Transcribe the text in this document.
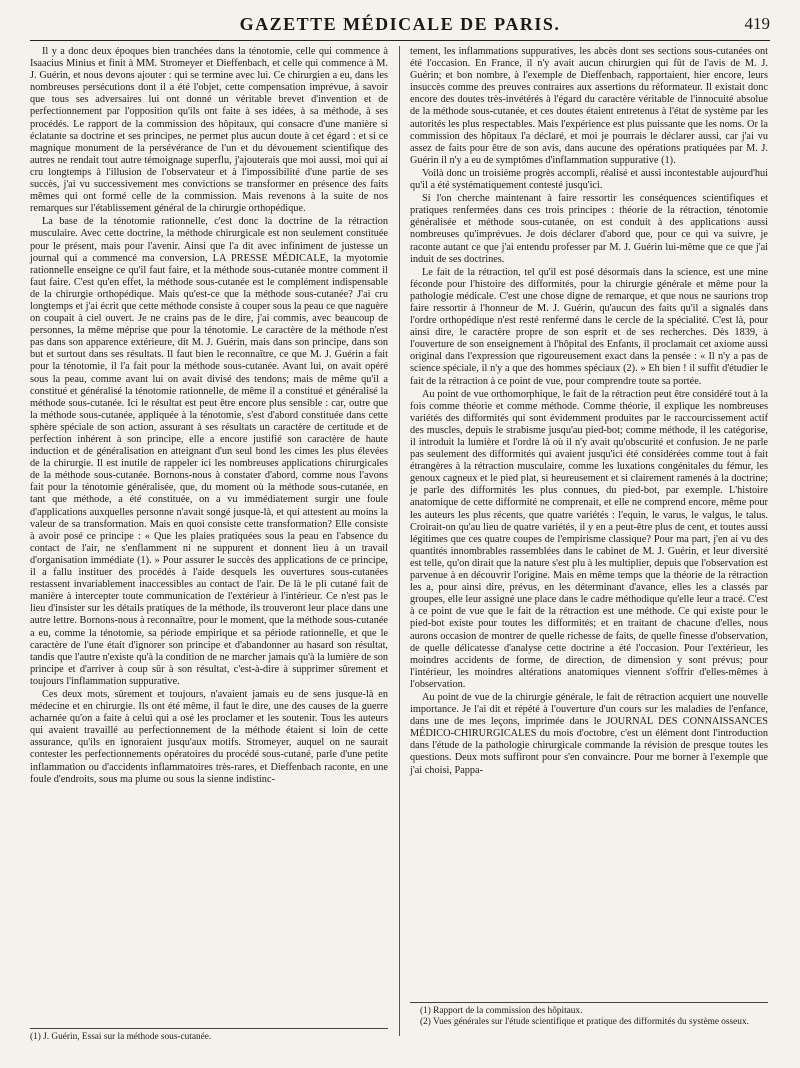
GAZETTE MÉDICALE DE PARIS.	419

Il y a donc deux époques bien tranchées dans la ténotomie, celle qui commence à Isaacius Minius et finit à MM. Stromeyer et Dieffenbach, et celle qui commence à M. J. Guérin, et nous devons ajouter : qui se termine avec lui. Ce chirurgien a eu, dans les nombreuses persécutions dont il a été l'objet, cette compensation imprévue, à savoir que tous ses adversaires lui ont donné un véritable brevet d'invention et de perfectionnement par l'opposition qu'ils ont faite à ses idées, à sa méthode, à ses procédés. Le rapport de la commission des hôpitaux, qui consacre d'une manière si éclatante sa doctrine et ses principes, ne permet plus aucun doute à cet égard : et si ce magnique monument de la persévérance de l'un et du dévouement scientifique des autres ne rendait tout autre témoignage superflu, j'ajouterais que moi aussi, moi qui ai cru longtemps à l'illusion de l'observateur et à l'impossibilité d'une partie de ses succès, j'ai vu successivement mes convictions se transformer en présence des faits mêmes qui ont formé celle de la commission. Mais revenons à la suite de nos remarques sur l'établissement général de la chirurgie orthopédique.

La base de la ténotomie rationnelle, c'est donc la doctrine de la rétraction musculaire. Avec cette doctrine, la méthode chirurgicale est non seulement constituée pour le présent, mais pour l'avenir. Ainsi que l'a dit avec infiniment de justesse un journal qui a commencé ma conversion, LA PRESSE MÉDICALE, la myotomie rationnelle enseigne ce qu'il faut faire, et la méthode sous-cutanée montre comment il faut faire. C'est qu'en effet, la méthode sous-cutanée est le complément indispensable de la chirurgie orthopédique. Mais qu'est-ce que la méthode sous-cutanée? J'ai cru longtemps et j'ai écrit que cette méthode consiste à couper sous la peau ce que naguère on coupait à ciel ouvert. Je ne crains pas de le dire, j'ai commis, avec beaucoup de personnes, la même méprise que pour la ténotomie. Le caractère de la méthode n'est pas dans son apparence extérieure, dit M. J. Guérin, mais dans son principe, dans son but et surtout dans ses résultats. Il faut bien le reconnaître, ce que M. J. Guérin a fait pour la ténotomie, il l'a fait pour la méthode sous-cutanée. Avant lui, on avait opéré sous la peau, comme avant lui on avait divisé des tendons; mais de même qu'il a constitué et généralisé la ténotomie rationnelle, de même il a constitué et généralisé la méthode sous-cutanée. Ici le résultat est peut être encore plus sensible : car, outre que la méthode sous-cutanée, appliquée à la ténotomie, s'est d'abord constituée dans cette sphère spéciale de son action, assurant à ses résultats un caractère de certitude et de perfection inhérent à son principe, elle a encore justifié son caractère de haute induction et de généralisation en atteignant d'un seul bond les cimes les plus élevées de la chirurgie. Il est inutile de rappeler ici les nombreuses applications chirurgicales de la méthode sous-cutanée. Bornons-nous à constater d'abord, comme nous l'avons fait pour la ténotomie généralisée, que, du moment où la méthode sous-cutanée, en tant que méthode, a été constituée, on a vu immédiatement surgir une foule d'applications auxquelles personne n'avait songé jusque-là, et qui attestent au moins la valeur de sa transformation. Mais en quoi consiste cette transformation? Elle consiste à avoir posé ce principe : « Que les plaies pratiquées sous la peau en l'absence du contact de l'air, ne s'enflamment ni ne suppurent et donnent lieu à un travail d'organisation immédiate (1). » Pour assurer le succès des applications de ce principe, il a fallu instituer des procédés à l'aide desquels les ouvertures sous-cutanées restassent invariablement inaccessibles au contact de l'air. De là le pli cutané fait de manière à intercepter toute communication de l'extérieur à l'intérieur. Ce n'est pas le lieu d'insister sur les détails pratiques de la méthode, ils trouveront leur place dans une autre lettre. Bornons-nous à reconnaître, pour le moment, que la méthode sous-cutanée a eu, comme la ténotomie, sa période empirique et sa période rationnelle, et que le caractère de l'une était d'ignorer son principe et d'abandonner au hasard son résultat, tandis que l'autre n'existe qu'à la condition de ne marcher jamais qu'à la lumière de son principe et d'arriver à coup sûr à son résultat, c'est-à-dire à supprimer sûrement et toujours l'inflammation suppurative.

Ces deux mots, sûrement et toujours, n'avaient jamais eu de sens jusque-là en médecine et en chirurgie. Ils ont été même, il faut le dire, une des causes de la guerre acharnée qu'on a faite à celui qui a osé les proclamer et les soutenir. Tous les auteurs qui avaient travaillé au perfectionnement de la méthode étaient si loin de cette assurance, qu'ils en ignoraient jusqu'aux motifs. Stromeyer, auquel on ne saurait contester les perfectionnements opératoires du procédé sous-cutané, parle d'une petite inflammation ou d'accidents inflammatoires très-rares, et Dieffenbach raconte, en une foule d'endroits, sous ma plume ou sous la sienne indistinc-

tement, les inflammations suppuratives, les abcès dont ses sections sous-cutanées ont été l'occasion. En France, il n'y avait aucun chirurgien qui fût de l'avis de M. J. Guérin; et bon nombre, à l'exemple de Dieffenbach, rapportaient, hier encore, leurs insuccès comme des preuves contraires aux assertions du réformateur. Il existait donc encore des doutes très-invétérés à l'égard du caractère véritable de l'innocuité absolue de la méthode sous-cutanée, et ces doutes étaient entretenus à l'état de système par les autorités les plus respectables. Mais l'expérience est plus puissante que les noms. Or la commission des hôpitaux l'a déclaré, et moi je pourrais le déclarer aussi, car j'ai vu assez de faits pour être de son avis, dans aucune des opérations pratiquées par M. J. Guérin il n'y a eu de symptômes d'inflammation suppurative (1).

Voilà donc un troisième progrès accompli, réalisé et aussi incontestable aujourd'hui qu'il a été systématiquement contesté jusqu'ici.

Si l'on cherche maintenant à faire ressortir les conséquences scientifiques et pratiques renfermées dans ces trois principes : théorie de la rétraction, ténotomie généralisée et méthode sous-cutanée, on est conduit à des applications aussi nombreuses qu'imprévues. Je dois déclarer d'abord que, pour ce qui va suivre, je raconte autant ce que j'ai entendu professer par M. J. Guérin lui-même que ce que j'ai induit de ses doctrines.

Le fait de la rétraction, tel qu'il est posé désormais dans la science, est une mine féconde pour l'histoire des difformités, pour la chirurgie générale et même pour la pathologie médicale. C'est une chose digne de remarque, et que nous ne saurions trop faire ressortir à l'honneur de M. J. Guérin, qu'aucun des faits qu'il a signalés dans l'ordre orthopédique n'est resté renfermé dans le cercle de la spécialité. C'est là, pour ainsi dire, le caractère propre de son esprit et de ses recherches. Dès 1839, à l'ouverture de son enseignement à l'hôpital des Enfants, il proclamait cet axiome aussi original dans l'expression que rigoureusement exact dans la pensée : « Il n'y a pas de science spéciale, il n'y a que des hommes spéciaux (2). » Eh bien ! il suffit d'étudier le fait de la rétraction à ce point de vue, pour comprendre toute sa portée.

Au point de vue orthomorphique, le fait de la rétraction peut être considéré tout à la fois comme théorie et comme méthode. Comme théorie, il explique les nombreuses variétés des difformités qui sont évidemment produites par le raccourcissement actif des muscles, depuis le strabisme jusqu'au pied-bot; comme méthode, il les catégorise, il introduit la lumière et l'ordre là où il n'y avait qu'obscurité et confusion. Je ne parle pas seulement des difformités qui avaient jusqu'ici été considérées comme tout à fait étrangères à la rétraction musculaire, comme les luxations congénitales du fémur, les genoux cagneux et le pied plat, si heureusement et si clairement ramenés à la doctrine; je parle des difformités les plus connues, du pied-bot, par exemple. L'histoire anatomique de cette difformité ne comprenait, et elle ne comprend encore, même pour les auteurs les plus récents, que quatre variétés : l'equin, le varus, le valgus, le talus. Croirait-on qu'au lieu de quatre variétés, il y en a peut-être plus de cent, et toutes aussi légitimes que ces quatre coupes de l'empirisme classique? Pour ma part, j'en ai vu des quantités innombrables rassemblées dans le cabinet de M. J. Guérin, et leur diversité est telle, qu'on dirait que la nature s'est plu à les multiplier, depuis que l'observation est parvenue à en découvrir l'origine. Mais en même temps que la théorie de la rétraction les a, pour ainsi dire, prévus, en les déterminant d'avance, elles les a classés par groupes, elle leur assigné une place dans le cadre méthodique qu'elle leur a tracé. C'est à ce point de vue que le fait de la rétraction est une méthode. Ce qui existe pour le pied-bot existe pour toutes les difformités; et en traitant de chacune d'elles, nous aurons occasion de montrer de quelle richesse de faits, de quelle finesse d'observation, de quelle délicatesse d'analyse cette doctrine a été l'occasion. Pour l'extérieur, les moindres accidents de forme, de direction, de dimension y sont prévus; pour l'intérieur, les moindres altérations anatomiques viennent s'offrir d'elles-mêmes à l'observation.

Au point de vue de la chirurgie générale, le fait de rétraction acquiert une nouvelle importance. Je l'ai dit et répété à l'ouverture d'un cours sur les maladies de l'enfance, dans une de mes leçons, imprimée dans le JOURNAL DES CONNAISSANCES MÉDICO-CHIRURGICALES du mois d'octobre, c'est un élément dont l'introduction dans l'étude de la pathologie chirurgicale commande la révision de presque toutes les questions. Deux mots suffiront pour s'en convaincre. Pour me borner à l'exemple que j'ai choisi, Pappa-

(1) J. Guérin, Essai sur la méthode sous-cutanée.
(1) Rapport de la commission des hôpitaux.
(2) Vues générales sur l'étude scientifique et pratique des difformités du système osseux.
